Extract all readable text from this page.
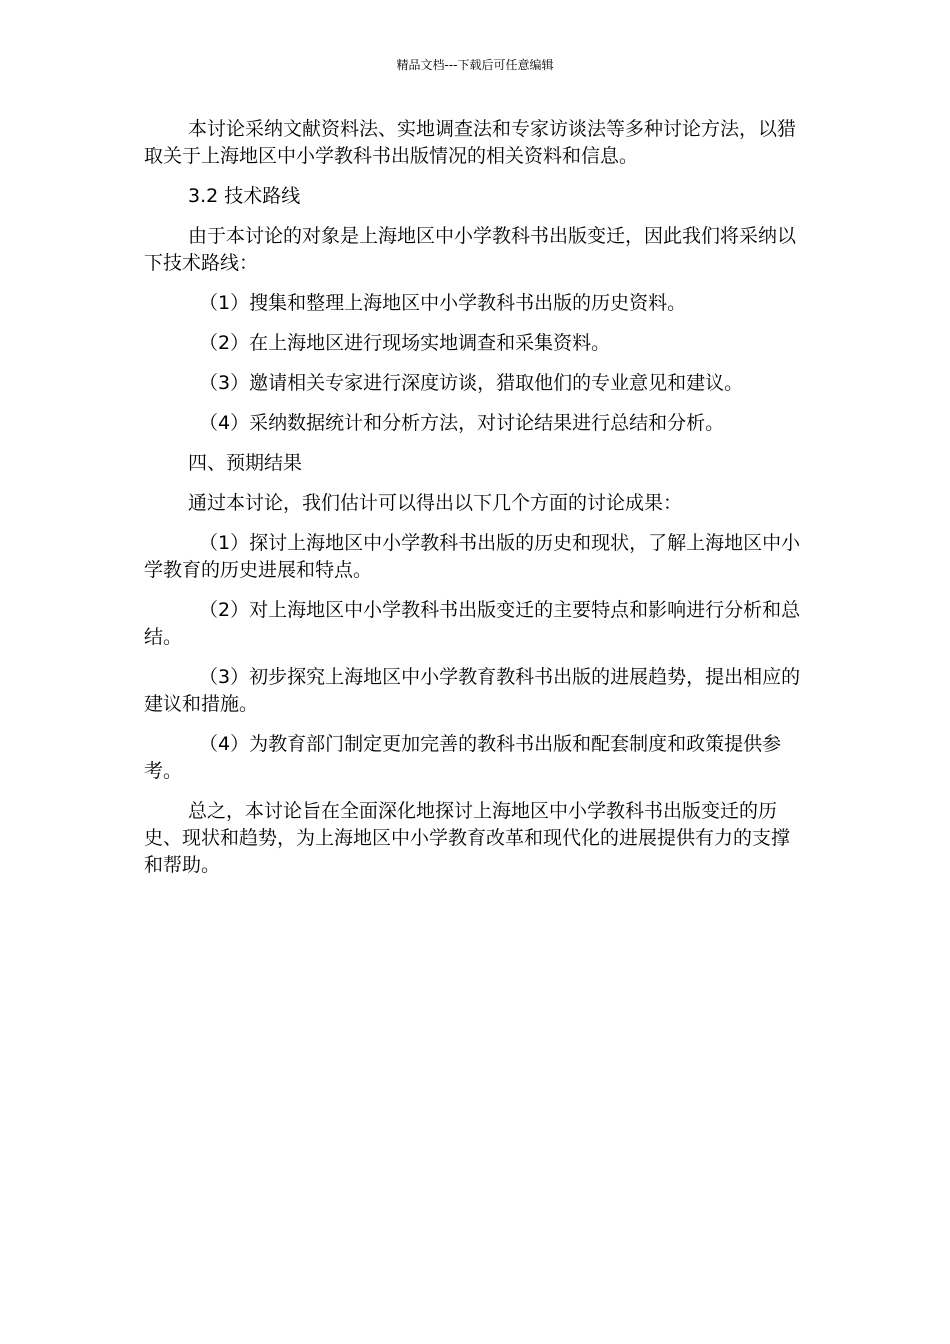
精品文档---下载后可任意编辑

本讨论采纳文献资料法、实地调查法和专家访谈法等多种讨论方法，以猎取关于上海地区中小学教科书出版情况的相关资料和信息。

3.2 技术路线

由于本讨论的对象是上海地区中小学教科书出版变迁，因此我们将采纳以下技术路线：

（1）搜集和整理上海地区中小学教科书出版的历史资料。

（2）在上海地区进行现场实地调查和采集资料。

（3）邀请相关专家进行深度访谈，猎取他们的专业意见和建议。

（4）采纳数据统计和分析方法，对讨论结果进行总结和分析。

四、预期结果

通过本讨论，我们估计可以得出以下几个方面的讨论成果：

（1）探讨上海地区中小学教科书出版的历史和现状，了解上海地区中小学教育的历史进展和特点。

（2）对上海地区中小学教科书出版变迁的主要特点和影响进行分析和总结。

（3）初步探究上海地区中小学教育教科书出版的进展趋势，提出相应的建议和措施。

（4）为教育部门制定更加完善的教科书出版和配套制度和政策提供参考。

总之，本讨论旨在全面深化地探讨上海地区中小学教科书出版变迁的历史、现状和趋势，为上海地区中小学教育改革和现代化的进展提供有力的支撑和帮助。
